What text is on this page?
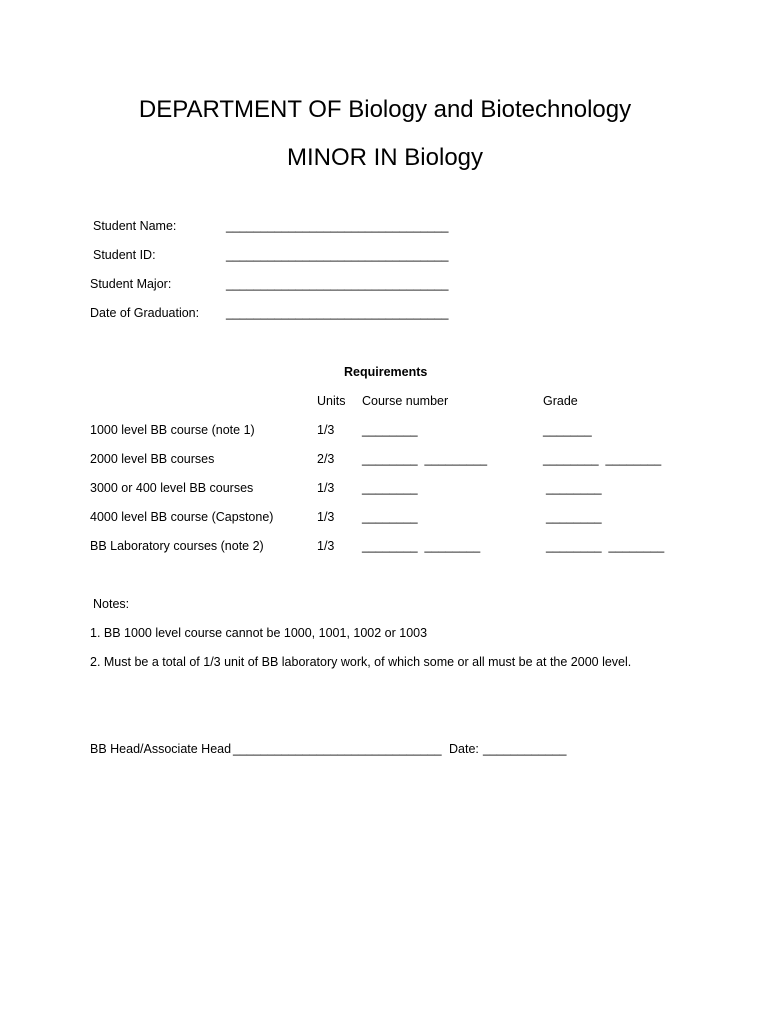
DEPARTMENT OF Biology and Biotechnology
MINOR IN Biology
Student Name:	________________________________
Student ID:	________________________________
Student Major:	________________________________
Date of Graduation: ________________________________
Requirements
Units Course number	Grade
1000 level BB course (note 1)	1/3 ________	_______
2000 level BB courses	2/3 ________  _________	________  ________
3000 or 400 level BB courses	1/3 ________	________
4000 level BB course (Capstone)	1/3 ________	________
BB Laboratory courses (note 2)	1/3 ________  ________	________  ________
Notes:
1. BB 1000 level course cannot be 1000, 1001, 1002 or 1003
2. Must be a total of 1/3 unit of BB laboratory work, of which some or all must be at the 2000 level.
BB Head/Associate Head ______________________________ Date: ____________
